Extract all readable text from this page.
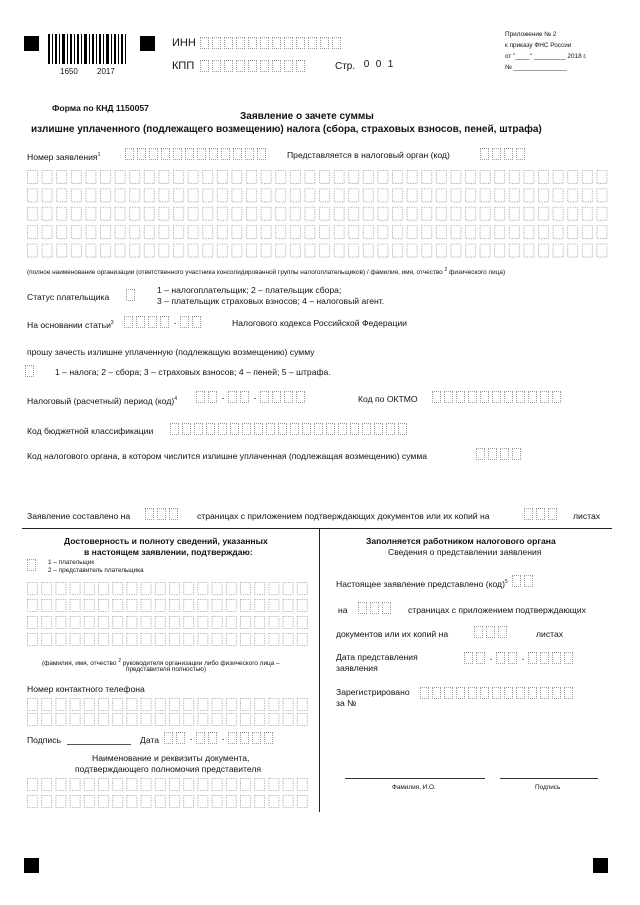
1650 2017
ИНН
КПП	Стр. 0 0 1
Приложение № 2
к приказу ФНС России
от "____" _________ 2018 г.
№ _______________
Форма по КНД 1150057
Заявление о зачете суммы
излишне уплаченного (подлежащего возмещению) налога (сбора, страховых взносов, пеней, штрафа)
Номер заявления$^1$	Представляется в налоговый орган (код)
(полное наименование организации (ответственного участника консолидированной группы налогоплательщиков) / фамилия, имя, отчество $^2$ физического лица)
Статус плательщика
1 – налогоплательщик; 2 – плательщик сбора;
3 – плательщик страховых взносов; 4 – налоговый агент.
На основании статьи$^3$	.	Налогового кодекса Российской Федерации
прошу зачесть излишне уплаченную (подлежащую возмещению) сумму
1 – налога; 2 – сбора; 3 – страховых взносов; 4 – пеней; 5 – штрафа.
Налоговый (расчетный) период (код)$^4$	.	.	Код по ОКТМО
Код бюджетной классификации
Код налогового органа, в котором числится излишне уплаченная (подлежащая возмещению) сумма
Заявление составлено на	страницах с приложением подтверждающих документов или их копий на	листах
Достоверность и полноту сведений, указанных
в настоящем заявлении, подтверждаю:
1 – плательщик
2 – представитель плательщика
(фамилия, имя, отчество $^2$ руководителя организации либо физического лица –
представителя полностью)
Номер контактного телефона
Подпись	Дата	.	.
Наименование и реквизиты документа,
подтверждающего полномочия представителя
Заполняется работником налогового органа
Сведения о представлении заявления
Настоящее заявление представлено (код)$^5$
на	страницах с приложением подтверждающих
документов или их копий на	листах
Дата представления
заявления
.	.
Зарегистрировано
за №
Фамилия, И.О.	Подпись
